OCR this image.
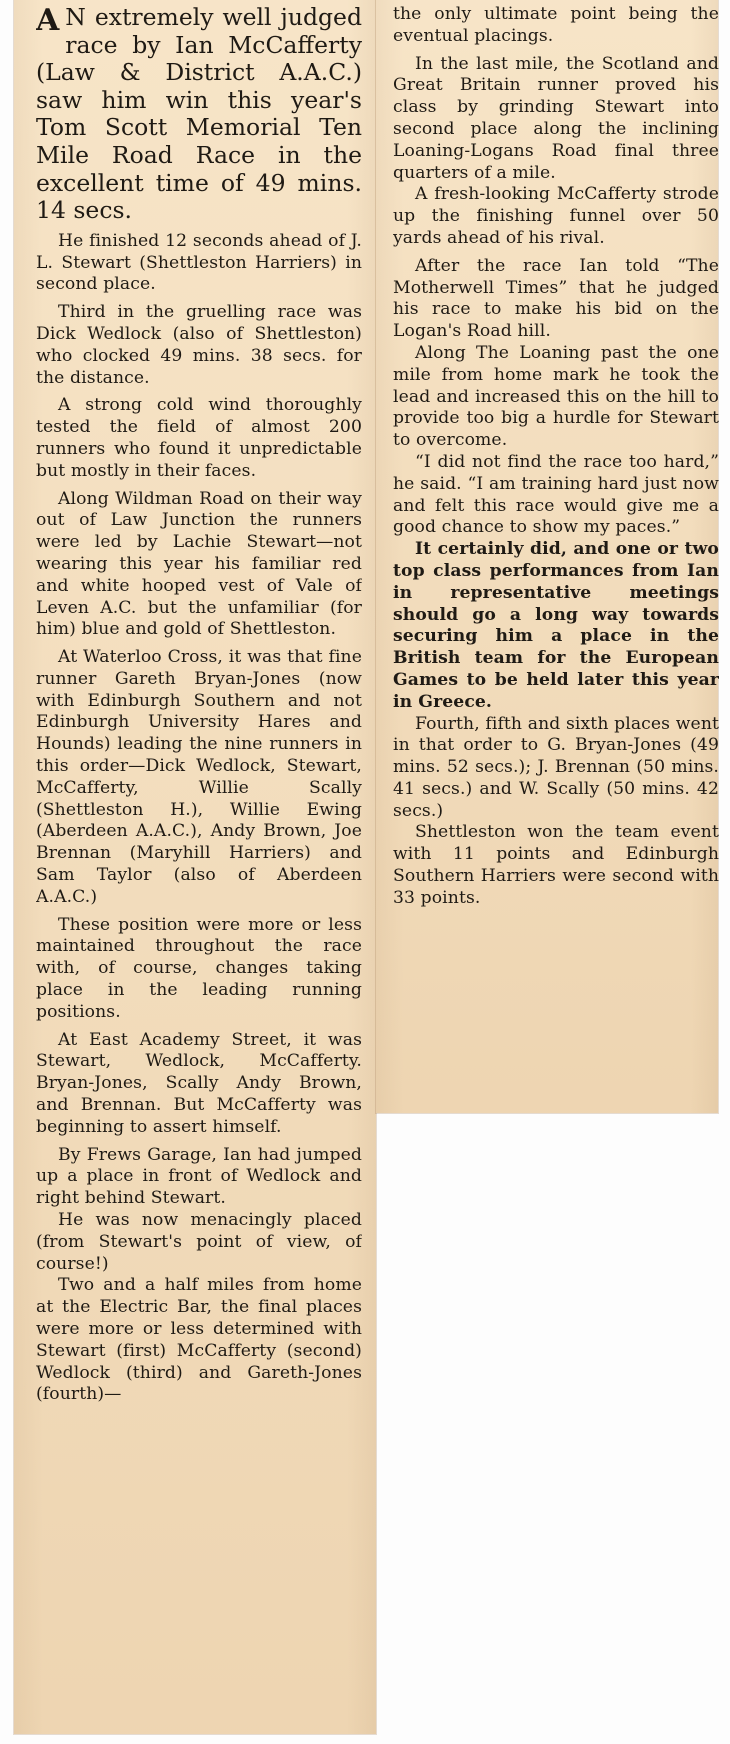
A N extremely well judged race by Ian McCafferty (Law & District A.A.C.) saw him win this year's Tom Scott Memorial Ten Mile Road Race in the excellent time of 49 mins. 14 secs.

He finished 12 seconds ahead of J. L. Stewart (Shettleston Harriers) in second place.

Third in the gruelling race was Dick Wedlock (also of Shettleston) who clocked 49 mins. 38 secs. for the distance.

A strong cold wind thoroughly tested the field of almost 200 runners who found it unpredictable but mostly in their faces.

Along Wildman Road on their way out of Law Junction the runners were led by Lachie Stewart—not wearing this year his familiar red and white hooped vest of Vale of Leven A.C. but the unfamiliar (for him) blue and gold of Shettleston.

At Waterloo Cross, it was that fine runner Gareth Bryan-Jones (now with Edinburgh Southern and not Edinburgh University Hares and Hounds) leading the nine runners in this order—Dick Wedlock, Stewart, McCafferty, Willie Scally (Shettleston H.), Willie Ewing (Aberdeen A.A.C.), Andy Brown, Joe Brennan (Maryhill Harriers) and Sam Taylor (also of Aberdeen A.A.C.)

These position were more or less maintained throughout the race with, of course, changes taking place in the leading running positions.

At East Academy Street, it was Stewart, Wedlock, McCafferty. Bryan-Jones, Scally Andy Brown, and Brennan. But McCafferty was beginning to assert himself.

By Frews Garage, Ian had jumped up a place in front of Wedlock and right behind Stewart.

He was now menacingly placed (from Stewart's point of view, of course!)

Two and a half miles from home at the Electric Bar, the final places were more or less determined with Stewart (first) McCafferty (second) Wedlock (third) and Gareth-Jones (fourth)—

the only ultimate point being the eventual placings.

In the last mile, the Scotland and Great Britain runner proved his class by grinding Stewart into second place along the inclining Loaning-Logans Road final three quarters of a mile.

A fresh-looking McCafferty strode up the finishing funnel over 50 yards ahead of his rival.

After the race Ian told “The Motherwell Times” that he judged his race to make his bid on the Logan's Road hill.

Along The Loaning past the one mile from home mark he took the lead and increased this on the hill to provide too big a hurdle for Stewart to overcome.

“I did not find the race too hard,” he said. “I am training hard just now and felt this race would give me a good chance to show my paces.”

It certainly did, and one or two top class performances from Ian in representative meetings should go a long way towards securing him a place in the British team for the European Games to be held later this year in Greece.

Fourth, fifth and sixth places went in that order to G. Bryan-Jones (49 mins. 52 secs.); J. Brennan (50 mins. 41 secs.) and W. Scally (50 mins. 42 secs.)

Shettleston won the team event with 11 points and Edinburgh Southern Harriers were second with 33 points.
